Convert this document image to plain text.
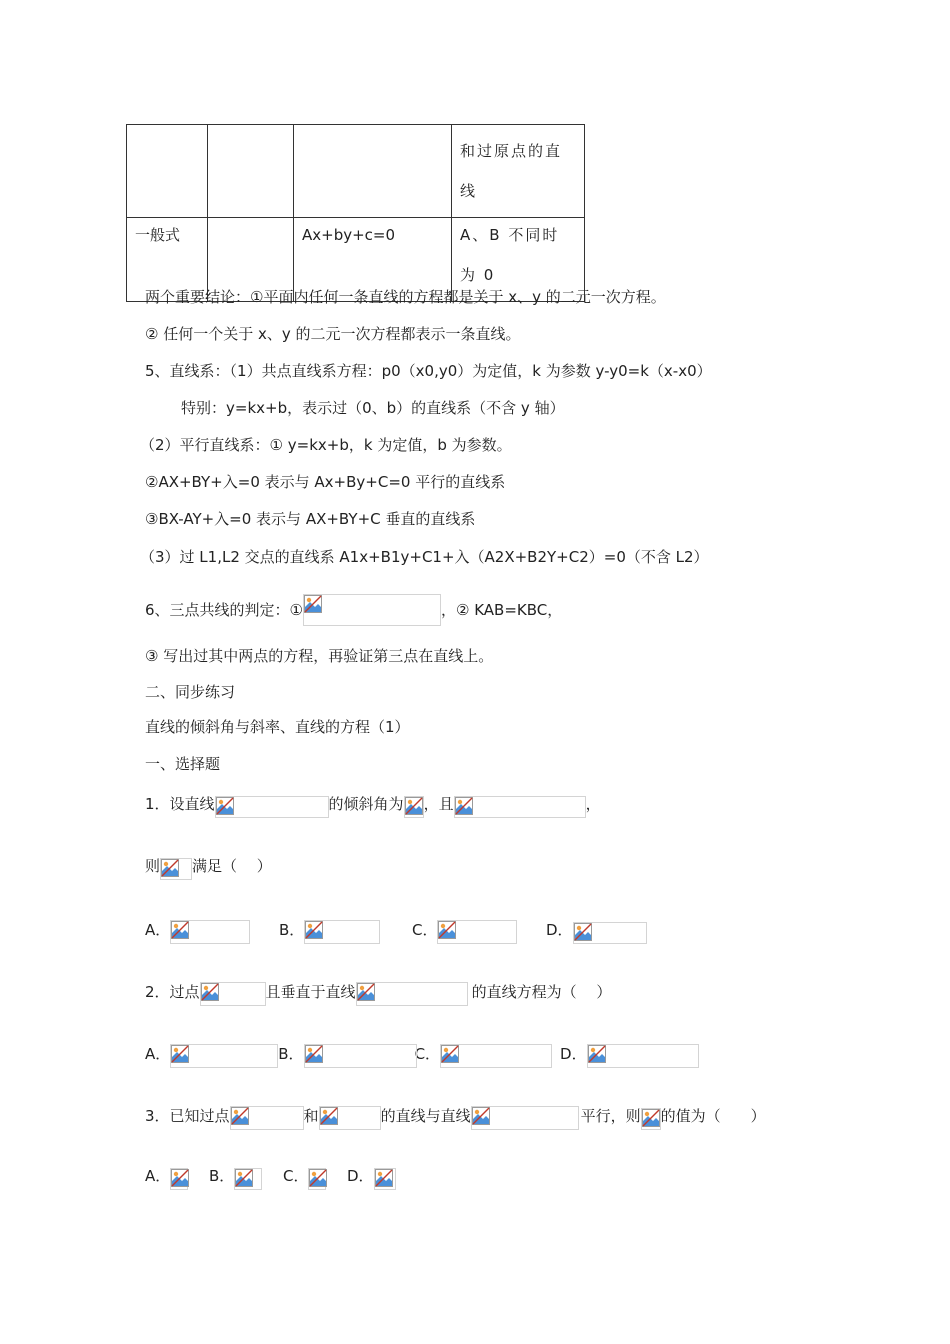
			和过原点的直线

一般式		Ax+by+c=0	A、B 不同时为 0
两个重要结论：①平面内任何一条直线的方程都是关于 x、y 的二元一次方程。
② 任何一个关于 x、y 的二元一次方程都表示一条直线。
5、直线系：（1）共点直线系方程：p0（x0,y0）为定值，k 为参数 y-y0=k（x-x0）
特别：y=kx+b，表示过（0、b）的直线系（不含 y 轴）
（2）平行直线系：① y=kx+b，k 为定值，b 为参数。
②AX+BY+入=0 表示与 Ax+By+C=0 平行的直线系
③BX-AY+入=0 表示与 AX+BY+C 垂直的直线系
（3）过 L1,L2 交点的直线系 A1x+B1y+C1+入（A2X+B2Y+C2）=0（不含 L2）
6、三点共线的判定：①	，② KAB=KBC，
③ 写出过其中两点的方程，再验证第三点在直线上。
二、同步练习
直线的倾斜角与斜率、直线的方程（1）
一、选择题
1．设直线	的倾斜角为 ，且	，
则 满足（　 ）
A．	B．	C．	D．
2．过点	且垂直于直线	的直线方程为（　 ）
A．	B．	C．	D．
3．已知过点	和	的直线与直线	平行，则 的值为（　　）
A．	B．	C．	D．
